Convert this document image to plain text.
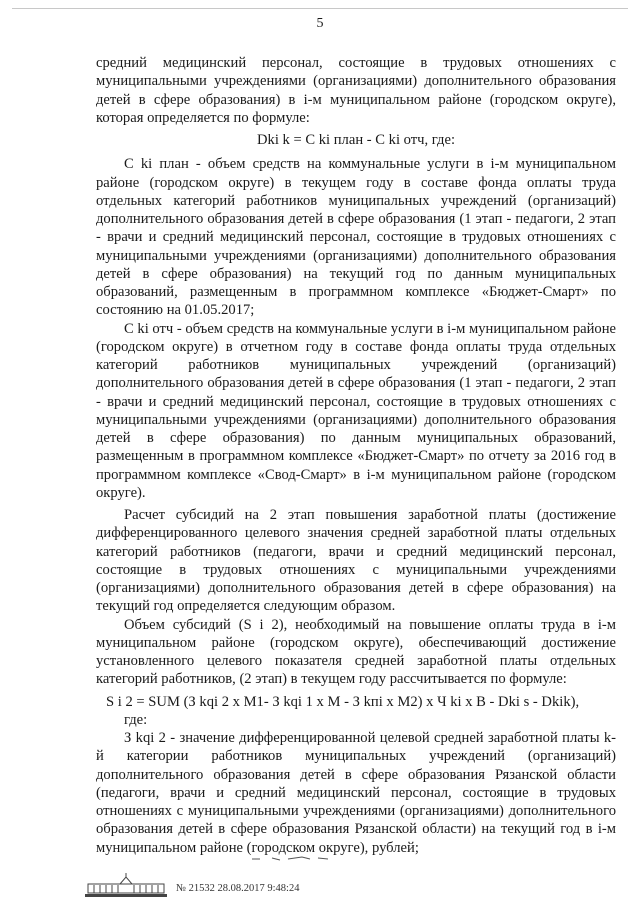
5

средний медицинский персонал, состоящие в трудовых отношениях с муниципальными учреждениями (организациями) дополнительного образования детей в сфере образования) в i-м муниципальном районе (городском округе), которая определяется по формуле:

Dki k = С ki план - С ki отч, где:

С ki план - объем средств на коммунальные услуги в i-м муниципальном районе (городском округе) в текущем году в составе фонда оплаты труда отдельных категорий работников муниципальных учреждений (организаций) дополнительного образования детей в сфере образования (1 этап - педагоги, 2 этап - врачи и средний медицинский персонал, состоящие в трудовых отношениях с муниципальными учреждениями (организациями) дополнительного образования детей в сфере образования) на текущий год по данным муниципальных образований, размещенным в программном комплексе «Бюджет-Смарт» по состоянию на 01.05.2017;

С ki отч - объем средств на коммунальные услуги в i-м муниципальном районе (городском округе) в отчетном году в составе фонда оплаты труда отдельных категорий работников муниципальных учреждений (организаций) дополнительного образования детей в сфере образования (1 этап - педагоги, 2 этап - врачи и средний медицинский персонал, состоящие в трудовых отношениях с муниципальными учреждениями (организациями) дополнительного образования детей в сфере образования) по данным муниципальных образований, размещенным в программном комплексе «Бюджет-Смарт» по отчету за 2016 год в программном комплексе «Свод-Смарт» в i-м муниципальном районе (городском округе).

Расчет субсидий на 2 этап повышения заработной платы (достижение дифференцированного целевого значения средней заработной платы отдельных категорий работников (педагоги, врачи и средний медицинский персонал, состоящие в трудовых отношениях с муниципальными учреждениями (организациями) дополнительного образования детей в сфере образования) на текущий год определяется следующим образом.

Объем субсидий (S i 2), необходимый на повышение оплаты труда в i-м муниципальном районе (городском округе), обеспечивающий достижение установленного целевого показателя средней заработной платы отдельных категорий работников, (2 этап) в текущем году рассчитывается по формуле:

S i 2 = SUM (З kqi 2 х М1- З kqi 1 х М - З kпi х М2) х Ч ki х В - Dki s - Dkik),

где:

З kqi 2 - значение дифференцированной целевой средней заработной платы k-й категории работников муниципальных учреждений (организаций) дополнительного образования детей в сфере образования Рязанской области (педагоги, врачи и средний медицинский персонал, состоящие в трудовых отношениях с муниципальными учреждениями (организациями) дополнительного образования детей в сфере образования Рязанской области) на текущий год в i-м муниципальном районе (городском округе), рублей;

№ 21532 28.08.2017 9:48:24
